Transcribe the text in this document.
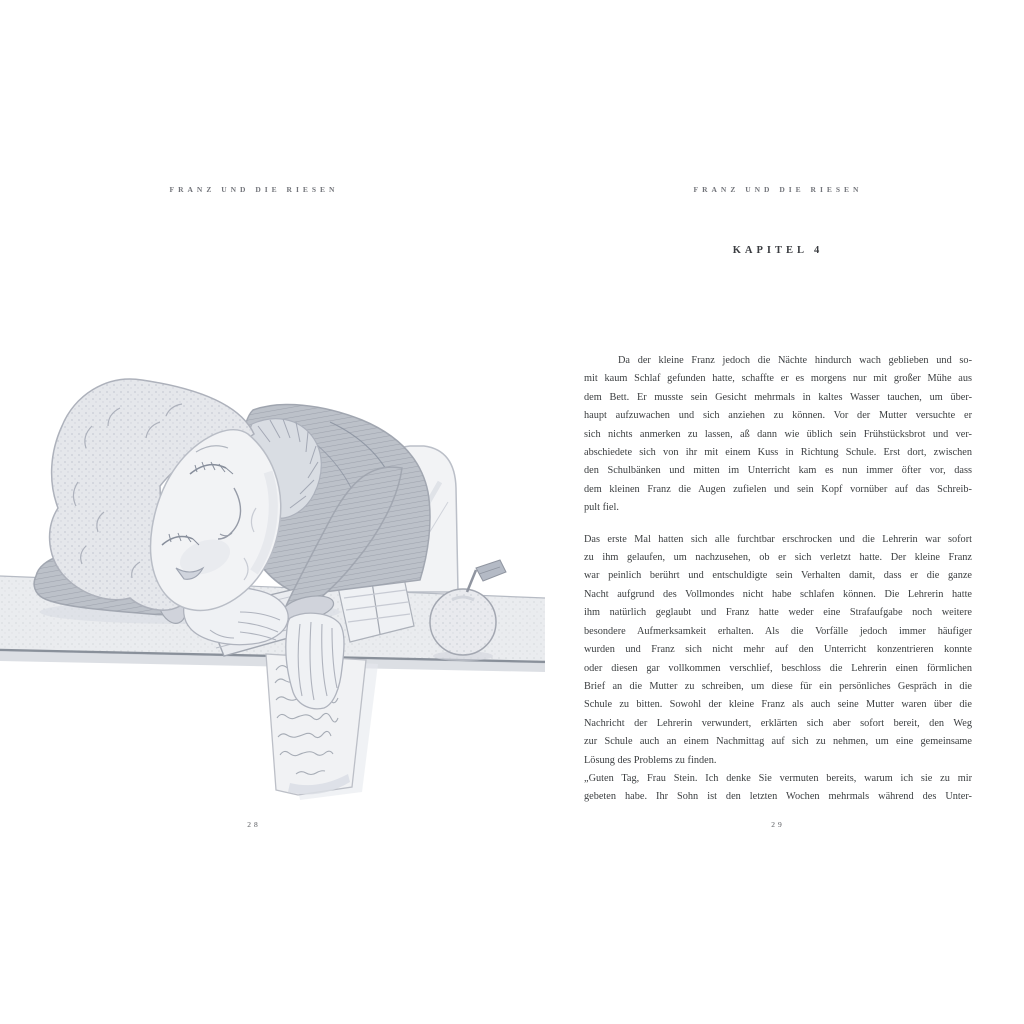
FRANZ UND DIE RIESEN
28
FRANZ UND DIE RIESEN
KAPITEL 4

Da der kleine Franz jedoch die Nächte hindurch wach geblieben und so-
mit kaum Schlaf gefunden hatte, schaffte er es morgens nur mit großer Mühe aus
dem Bett. Er musste sein Gesicht mehrmals in kaltes Wasser tauchen, um über-
haupt aufzuwachen und sich anziehen zu können. Vor der Mutter versuchte er
sich nichts anmerken zu lassen, aß dann wie üblich sein Frühstücksbrot und ver-
abschiedete sich von ihr mit einem Kuss in Richtung Schule. Erst dort, zwischen
den Schulbänken und mitten im Unterricht kam es nun immer öfter vor, dass
dem kleinen Franz die Augen zufielen und sein Kopf vornüber auf das Schreib-
pult fiel.

Das erste Mal hatten sich alle furchtbar erschrocken und die Lehrerin war sofort
zu ihm gelaufen, um nachzusehen, ob er sich verletzt hatte. Der kleine Franz
war peinlich berührt und entschuldigte sein Verhalten damit, dass er die ganze
Nacht aufgrund des Vollmondes nicht habe schlafen können. Die Lehrerin hatte
ihm natürlich geglaubt und Franz hatte weder eine Strafaufgabe noch weitere
besondere Aufmerksamkeit erhalten. Als die Vorfälle jedoch immer häufiger
wurden und Franz sich nicht mehr auf den Unterricht konzentrieren konnte
oder diesen gar vollkommen verschlief, beschloss die Lehrerin einen förmlichen
Brief an die Mutter zu schreiben, um diese für ein persönliches Gespräch in die
Schule zu bitten. Sowohl der kleine Franz als auch seine Mutter waren über die
Nachricht der Lehrerin verwundert, erklärten sich aber sofort bereit, den Weg
zur Schule auch an einem Nachmittag auf sich zu nehmen, um eine gemeinsame
Lösung des Problems zu finden.

„Guten Tag, Frau Stein. Ich denke Sie vermuten bereits, warum ich sie zu mir
gebeten habe. Ihr Sohn ist den letzten Wochen mehrmals während des Unter-

29
